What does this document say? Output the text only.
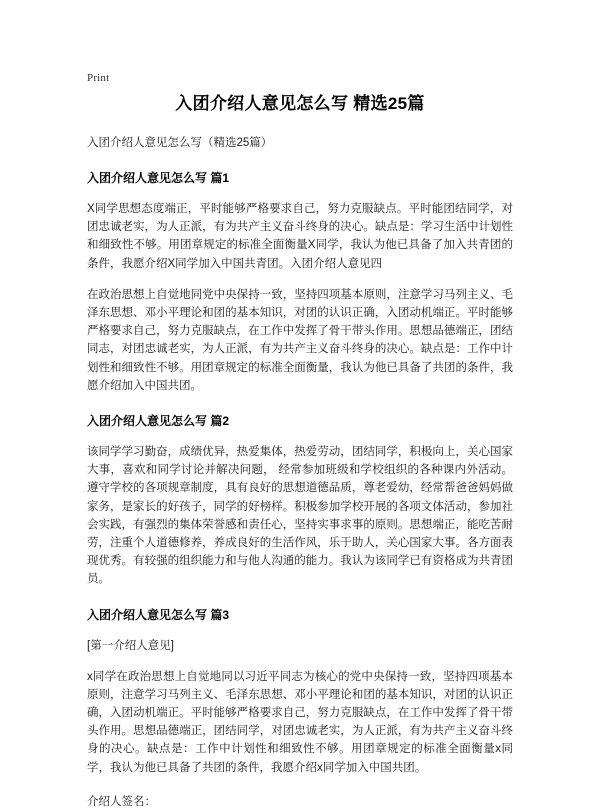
Print
入团介绍人意见怎么写 精选25篇

入团介绍人意见怎么写（精选25篇）

入团介绍人意见怎么写 篇1

X同学思想态度端正，平时能够严格要求自己，努力克服缺点。平时能团结同学，对团忠诚老实，为人正派，有为共产主义奋斗终身的决心。缺点是：学习生活中计划性和细致性不够。用团章规定的标准全面衡量X同学，我认为他已具备了加入共青团的条件，我愿介绍X同学加入中国共青团。入团介绍人意见四

在政治思想上自觉地同党中央保持一致，坚持四项基本原则，注意学习马列主义、毛泽东思想、邓小平理论和团的基本知识，对团的认识正确，入团动机端正。平时能够严格要求自己，努力克服缺点，在工作中发挥了骨干带头作用。思想品德端正，团结同志，对团忠诚老实，为人正派，有为共产主义奋斗终身的决心。缺点是：工作中计划性和细致性不够。用团章规定的标准全面衡量，我认为他已具备了共团的条件，我愿介绍加入中国共团。

入团介绍人意见怎么写 篇2

该同学学习勤奋，成绩优异，热爱集体，热爱劳动，团结同学，积极向上，关心国家大事，喜欢和同学讨论并解决问题， 经常参加班级和学校组织的各种课内外活动。遵守学校的各项规章制度，具有良好的思想道德品质，尊老爱幼，经常帮爸爸妈妈做家务，是家长的好孩子，同学的好榜样。积极参加学校开展的各项文体活动，参加社会实践，有强烈的集体荣誉感和责任心，坚持实事求事的原则。思想端正，能吃苦耐劳，注重个人道德修养，养成良好的生活作风，乐于助人，关心国家大事。各方面表现优秀。有较强的组织能力和与他人沟通的能力。我认为该同学已有资格成为共青团员。

入团介绍人意见怎么写 篇3

[第一介绍人意见]

x同学在政治思想上自觉地同以习近平同志为核心的党中央保持一致，坚持四项基本原则，注意学习马列主义、毛泽东思想、邓小平理论和团的基本知识，对团的认识正确，入团动机端正。平时能够严格要求自己，努力克服缺点，在工作中发挥了骨干带头作用。思想品德端正，团结同学，对团忠诚老实，为人正派，有为共产主义奋斗终身的决心。缺点是：工作中计划性和细致性不够。用团章规定的标准全面衡量x同学，我认为他已具备了共团的条件，我愿介绍x同学加入中国共团。

介绍人签名：
